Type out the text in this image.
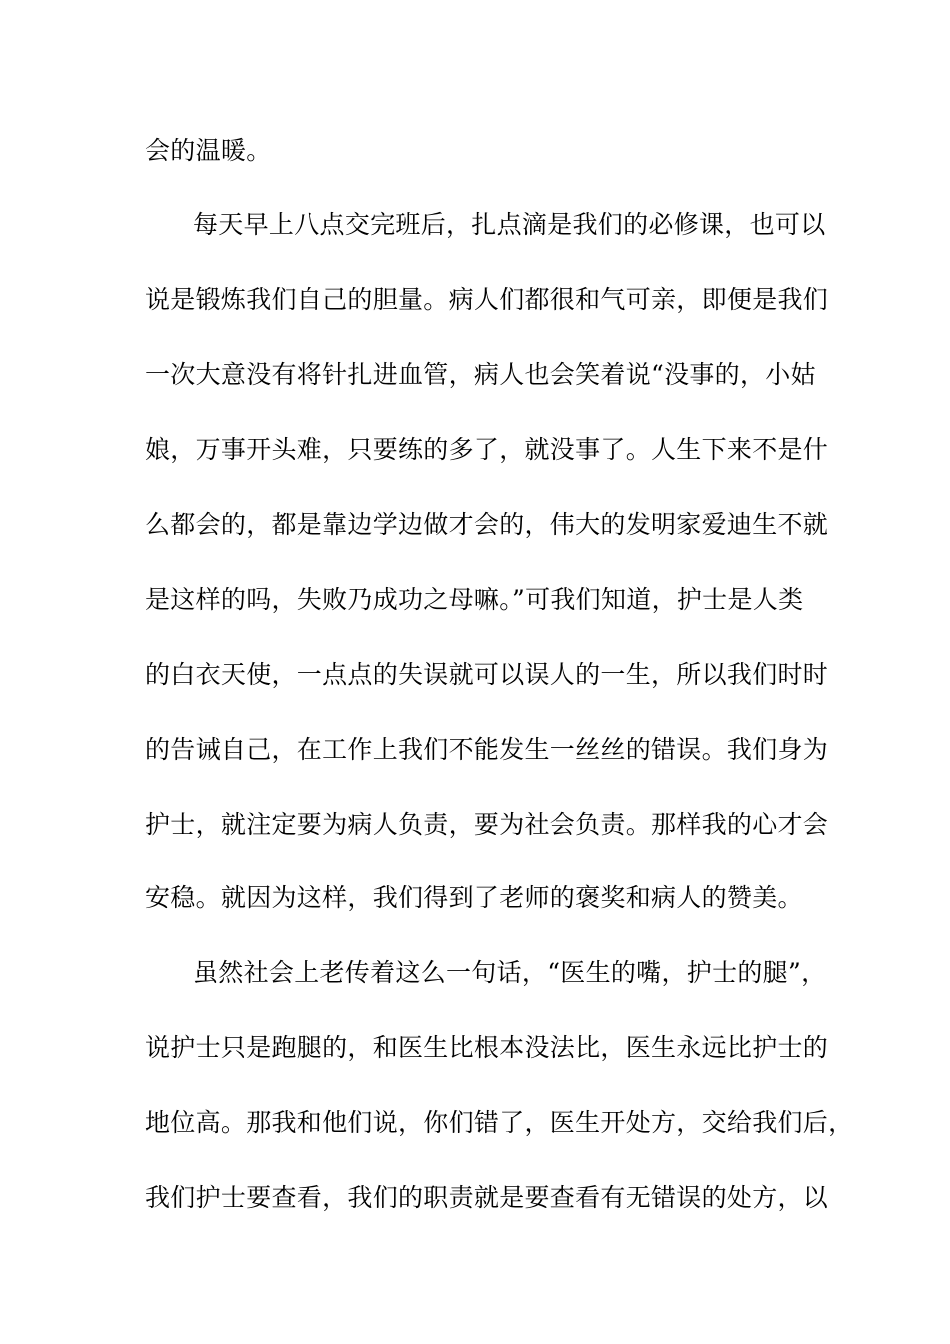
会的温暖。
每天早上八点交完班后，扎点滴是我们的必修课，也可以
说是锻炼我们自己的胆量。病人们都很和气可亲，即便是我们
一次大意没有将针扎进血管，病人也会笑着说“没事的，小姑
娘，万事开头难，只要练的多了，就没事了。人生下来不是什
么都会的，都是靠边学边做才会的，伟大的发明家爱迪生不就
是这样的吗，失败乃成功之母嘛。”可我们知道，护士是人类
的白衣天使，一点点的失误就可以误人的一生，所以我们时时
的告诫自己，在工作上我们不能发生一丝丝的错误。我们身为
护士，就注定要为病人负责，要为社会负责。那样我的心才会
安稳。就因为这样，我们得到了老师的褒奖和病人的赞美。
虽然社会上老传着这么一句话，“医生的嘴，护士的腿”，
说护士只是跑腿的，和医生比根本没法比，医生永远比护士的
地位高。那我和他们说，你们错了，医生开处方，交给我们后，
我们护士要查看，我们的职责就是要查看有无错误的处方，以
